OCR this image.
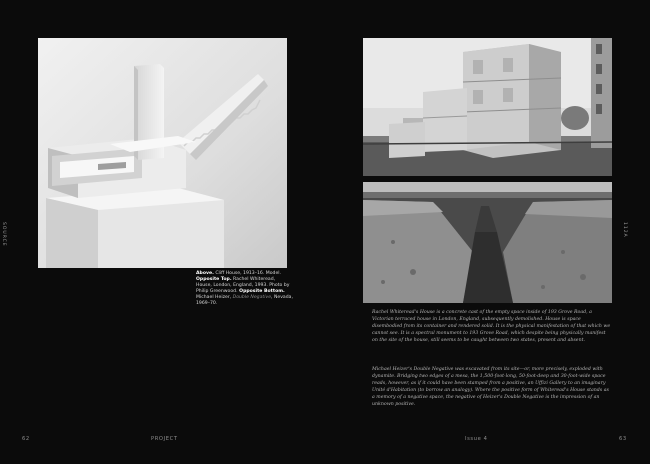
SOURCE
Above. Cliff House, 1913–16. Model.
Opposite Top. Rachel Whiteread,
House, London, England, 1993. Photo by
Philip Greenwood. Opposite Bottom.
Michael Heizer, Double Negative, Nevada,
1969–70.
62	PROJECT

Rachel Whiteread's House is a concrete cast of the empty space inside of 193 Grove Road, a Victorian terraced house in London, England, subsequently demolished. House is space disembodied from its container and rendered solid. It is the physical manifestation of that which we cannot see. It is a spectral monument to 193 Grove Road, which despite being physically manifest on the site of the house, still seems to be caught between two states, present and absent.

Michael Heizer's Double Negative was excavated from its site—or, more precisely, exploded with dynamite. Bridging two edges of a mesa, the 1,500-foot-long, 50-foot-deep and 30-foot-wide space reads, however, as if it could have been stamped from a positive, an Uffizi Gallery to an imaginary Unité d'Habitation (to borrow an analogy). Where the positive form of Whiteread's House stands as a memory of a negative space, the negative of Heizer's Double Negative is the impression of an unknown positive.

112A
Issue 4	63
